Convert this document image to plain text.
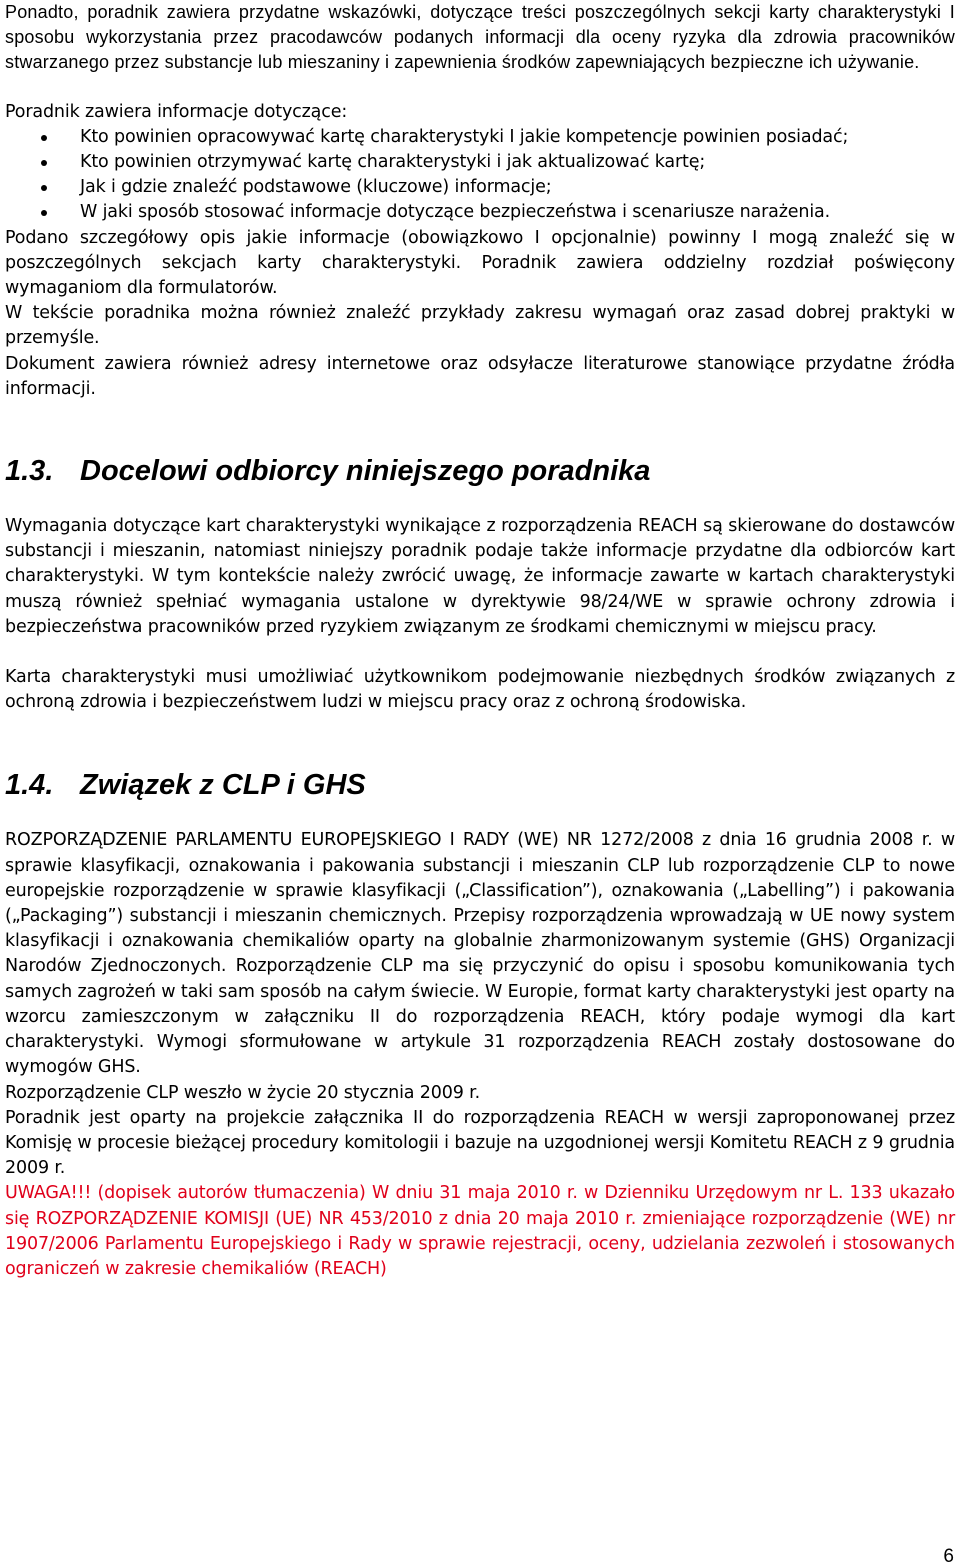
Ponadto, poradnik zawiera przydatne wskazówki, dotyczące treści poszczególnych sekcji karty charakterystyki I sposobu wykorzystania przez pracodawców podanych informacji dla oceny ryzyka dla zdrowia pracowników stwarzanego przez substancje lub mieszaniny i zapewnienia środków zapewniających bezpieczne ich używanie.

Poradnik zawiera informacje dotyczące:

Kto powinien opracowywać kartę charakterystyki I jakie kompetencje powinien posiadać;
Kto powinien otrzymywać kartę charakterystyki i jak aktualizować kartę;
Jak i gdzie znaleźć podstawowe (kluczowe) informacje;
W jaki sposób stosować informacje dotyczące bezpieczeństwa i scenariusze narażenia.

Podano szczegółowy opis jakie informacje (obowiązkowo I opcjonalnie) powinny I mogą znaleźć się w poszczególnych sekcjach karty charakterystyki. Poradnik zawiera oddzielny rozdział poświęcony wymaganiom dla formulatorów.

W tekście poradnika można również znaleźć przykłady zakresu wymagań oraz zasad dobrej praktyki w przemyśle.

Dokument zawiera również adresy internetowe oraz odsyłacze literaturowe stanowiące przydatne źródła informacji.

1.3. Docelowi odbiorcy niniejszego poradnika

Wymagania dotyczące kart charakterystyki wynikające z rozporządzenia REACH są skierowane do dostawców substancji i mieszanin, natomiast niniejszy poradnik podaje także informacje przydatne dla odbiorców kart charakterystyki. W tym kontekście należy zwrócić uwagę, że informacje zawarte w kartach charakterystyki muszą również spełniać wymagania ustalone w dyrektywie 98/24/WE w sprawie ochrony zdrowia i bezpieczeństwa pracowników przed ryzykiem związanym ze środkami chemicznymi w miejscu pracy.

Karta charakterystyki musi umożliwiać użytkownikom podejmowanie niezbędnych środków związanych z ochroną zdrowia i bezpieczeństwem ludzi w miejscu pracy oraz z ochroną środowiska.

1.4. Związek z CLP i GHS

ROZPORZĄDZENIE PARLAMENTU EUROPEJSKIEGO I RADY (WE) NR 1272/2008 z dnia 16 grudnia 2008 r. w sprawie klasyfikacji, oznakowania i pakowania substancji i mieszanin CLP lub rozporządzenie CLP to nowe europejskie rozporządzenie w sprawie klasyfikacji („Classification”), oznakowania („Labelling”) i pakowania („Packaging”) substancji i mieszanin chemicznych. Przepisy rozporządzenia wprowadzają w UE nowy system klasyfikacji i oznakowania chemikaliów oparty na globalnie zharmonizowanym systemie (GHS) Organizacji Narodów Zjednoczonych. Rozporządzenie CLP ma się przyczynić do opisu i sposobu komunikowania tych samych zagrożeń w taki sam sposób na całym świecie. W Europie, format karty charakterystyki jest oparty na wzorcu zamieszczonym w załączniku II do rozporządzenia REACH, który podaje wymogi dla kart charakterystyki. Wymogi sformułowane w artykule 31 rozporządzenia REACH zostały dostosowane do wymogów GHS.

Rozporządzenie CLP weszło w życie 20 stycznia 2009 r.

Poradnik jest oparty na projekcie załącznika II do rozporządzenia REACH w wersji zaproponowanej przez Komisję w procesie bieżącej procedury komitologii i bazuje na uzgodnionej wersji Komitetu REACH z 9 grudnia 2009 r.

UWAGA!!! (dopisek autorów tłumaczenia) W dniu 31 maja 2010 r. w Dzienniku Urzędowym nr L. 133 ukazało się ROZPORZĄDZENIE KOMISJI (UE) NR 453/2010 z dnia 20 maja 2010 r. zmieniające rozporządzenie (WE) nr 1907/2006 Parlamentu Europejskiego i Rady w sprawie rejestracji, oceny, udzielania zezwoleń i stosowanych ograniczeń w zakresie chemikaliów (REACH)

6
